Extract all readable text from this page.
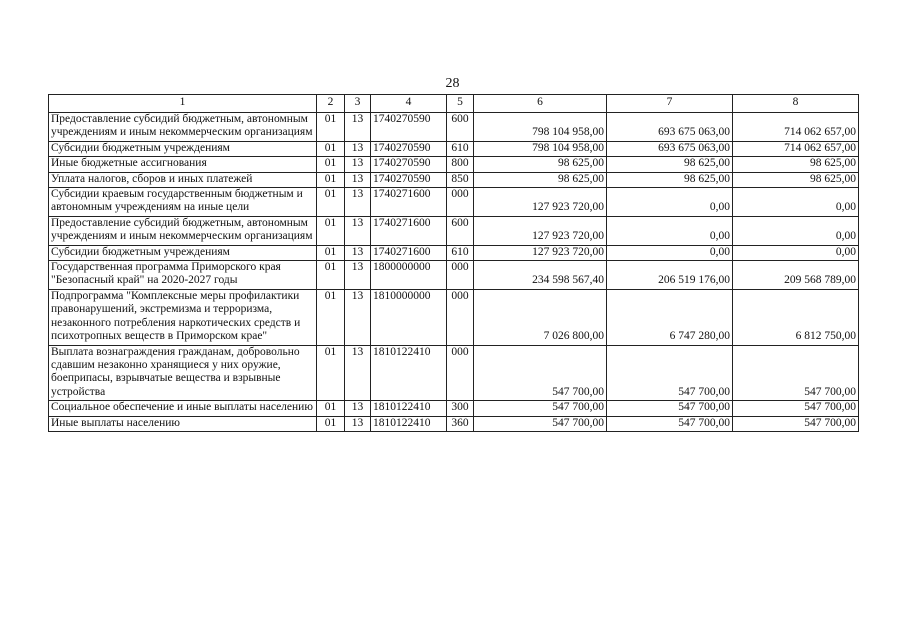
28
1	2	3	4	5	6	7	8
Предоставление субсидий бюджетным, автономным учреждениям и иным некоммерческим организациям	01	13	1740270590	600	798 104 958,00	693 675 063,00	714 062 657,00
Субсидии бюджетным учреждениям	01	13	1740270590	610	798 104 958,00	693 675 063,00	714 062 657,00
Иные бюджетные ассигнования	01	13	1740270590	800	98 625,00	98 625,00	98 625,00
Уплата налогов, сборов и иных платежей	01	13	1740270590	850	98 625,00	98 625,00	98 625,00
Субсидии краевым государственным бюджетным и автономным учреждениям на иные цели	01	13	1740271600	000	127 923 720,00	0,00	0,00
Предоставление субсидий бюджетным, автономным учреждениям и иным некоммерческим организациям	01	13	1740271600	600	127 923 720,00	0,00	0,00
Субсидии бюджетным учреждениям	01	13	1740271600	610	127 923 720,00	0,00	0,00
Государственная программа Приморского края "Безопасный край" на 2020-2027 годы	01	13	1800000000	000	234 598 567,40	206 519 176,00	209 568 789,00
Подпрограмма "Комплексные меры профилактики правонарушений, экстремизма и терроризма, незаконного потребления наркотических средств и психотропных веществ в Приморском крае"	01	13	1810000000	000	7 026 800,00	6 747 280,00	6 812 750,00
Выплата вознаграждения гражданам, добровольно сдавшим незаконно хранящиеся у них оружие, боеприпасы, взрывчатые вещества и взрывные устройства	01	13	1810122410	000	547 700,00	547 700,00	547 700,00
Социальное обеспечение и иные выплаты населению	01	13	1810122410	300	547 700,00	547 700,00	547 700,00
Иные выплаты населению	01	13	1810122410	360	547 700,00	547 700,00	547 700,00
